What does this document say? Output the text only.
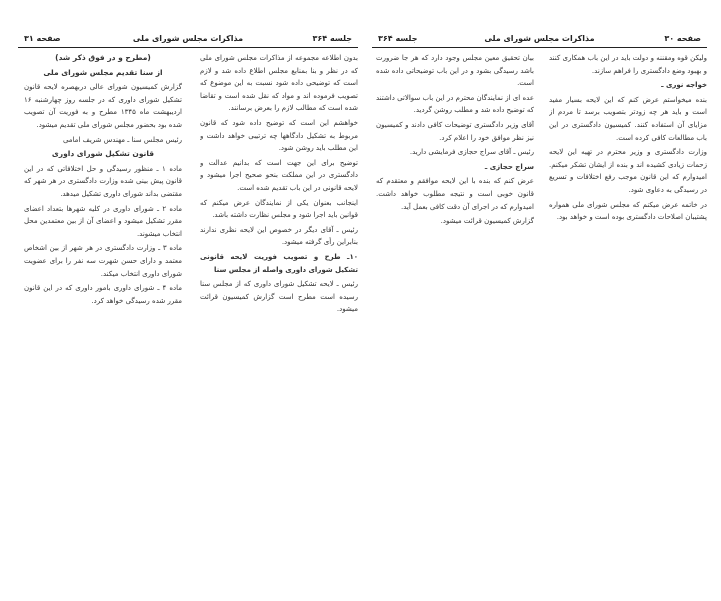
جلسه ۳۶۴
مذاکرات مجلس شورای ملی
صفحه ۳۱

بدون اطلاعه مجموعه از مذاکرات مجلس شورای ملی که در نظر و بنا بمنابع مجلس اطلاع داده شد و لازم است که توضیحی داده شود نسبت به این موضوع که تصویب فرموده اند و مواد که نقل شده است و تقاضا شده است که مطالب لازم را بعرض برسانند.

خواهشم این است که توضیح داده شود که قانون مربوط به تشکیل دادگاهها چه ترتیبی خواهد داشت و این مطلب باید روشن شود.

توضیح برای این جهت است که بدانیم عدالت و دادگستری در این مملکت بنحو صحیح اجرا میشود و لایحه قانونی در این باب تقدیم شده است.

اینجانب بعنوان یکی از نمایندگان عرض میکنم که قوانین باید اجرا شود و مجلس نظارت داشته باشد.

رئیس ـ آقای دیگر در خصوص این لایحه نظری ندارند بنابراین رأی گرفته میشود.

۱۰ـ طرح و تصویب فوریت لایحه قانونی تشکیل شورای داوری واصله از مجلس سنا

رئیس ـ لایحه تشکیل شورای داوری که از مجلس سنا رسیده است مطرح است گزارش کمیسیون قرائت میشود.

(مطرح و در فوق ذکر شد)

از سنا تقدیم مجلس شورای ملی

گزارش کمیسیون شورای عالی دربهصره لایحه قانون تشکیل شورای داوری که در جلسه روز چهارشنبه ۱۶ اردیبهشت ماه ۱۳۴۵ مطرح و به فوریت آن تصویب شده بود بحضور مجلس شورای ملی تقدیم میشود.

رئیس مجلس سنا ـ مهندس شریف امامی

قانون تشکیل شورای داوری

ماده ۱ ـ منظور رسیدگی و حل اختلافاتی که در این قانون پیش بینی شده وزارت دادگستری در هر شهر که مقتضی بداند شورای داوری تشکیل میدهد.

ماده ۲ ـ شورای داوری در کلیه شهرها بتعداد اعضای مقرر تشکیل میشود و اعضای آن از بین معتمدین محل انتخاب میشوند.

ماده ۳ ـ وزارت دادگستری در هر شهر از بین اشخاص معتمد و دارای حسن شهرت سه نفر را برای عضویت شورای داوری انتخاب میکند.

ماده ۴ ـ شورای داوری بامور داوری که در این قانون مقرر شده رسیدگی خواهد کرد.

صفحه ۳۰
مذاکرات مجلس شورای ملی
جلسه ۳۶۴

ولیکن قوه ومقننه و دولت باید در این باب همکاری کنند و بهبود وضع دادگستری را فراهم سازند.

خواجه نوری ـ

بنده میخواستم عرض کنم که این لایحه بسیار مفید است و باید هر چه زودتر بتصویب برسد تا مردم از مزایای آن استفاده کنند. کمیسیون دادگستری در این باب مطالعات کافی کرده است.

وزارت دادگستری و وزیر محترم در تهیه این لایحه زحمات زیادی کشیده اند و بنده از ایشان تشکر میکنم. امیدوارم که این قانون موجب رفع اختلافات و تسریع در رسیدگی به دعاوی شود.

در خاتمه عرض میکنم که مجلس شورای ملی همواره پشتیبان اصلاحات دادگستری بوده است و خواهد بود.

بیان تحقیق معین مجلس وجود دارد که هر جا ضرورت باشد رسیدگی بشود و در این باب توضیحاتی داده شده است.

عده ای از نمایندگان محترم در این باب سوالاتی داشتند که توضیح داده شد و مطلب روشن گردید.

آقای وزیر دادگستری توضیحات کافی دادند و کمیسیون نیز نظر موافق خود را اعلام کرد.

رئیس ـ آقای سراج حجازی فرمایشی دارید.

سراج حجازی ـ

عرض کنم که بنده با این لایحه موافقم و معتقدم که قانون خوبی است و نتیجه مطلوب خواهد داشت. امیدوارم که در اجرای آن دقت کافی بعمل آید.

گزارش کمیسیون قرائت میشود.
